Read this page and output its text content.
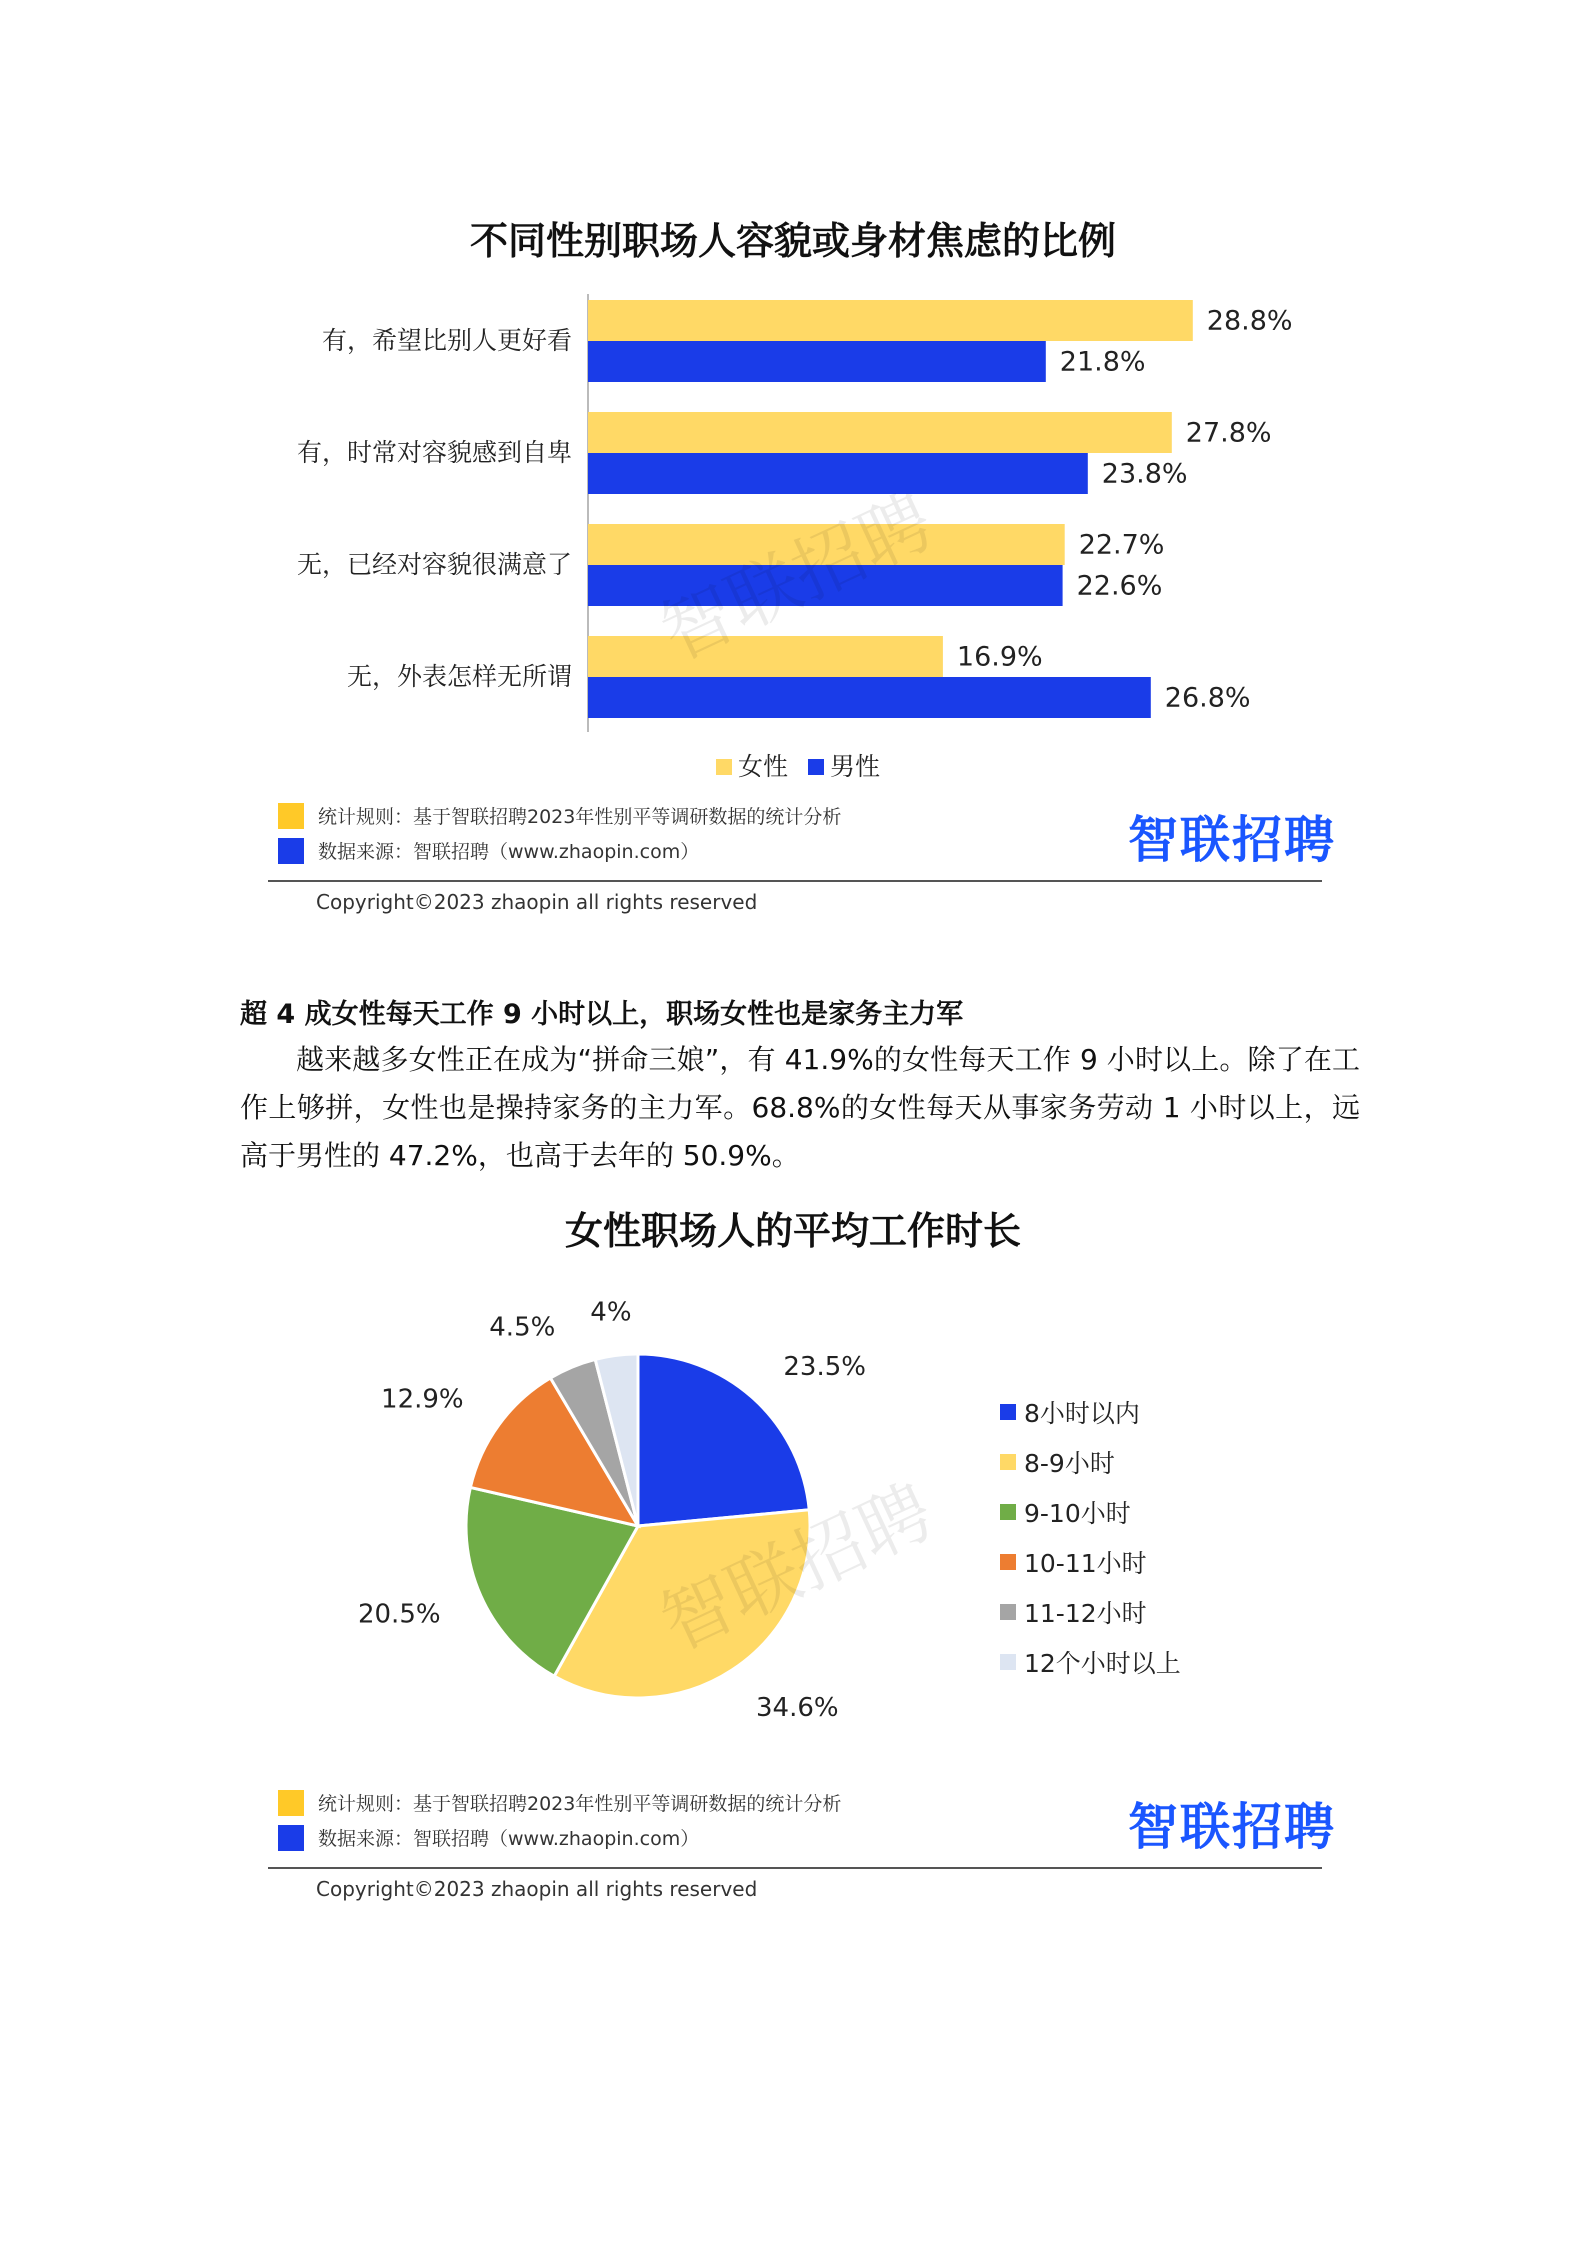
不同性别职场人容貌或身材焦虑的比例
有，希望比别人更好看
28.8%
21.8%
有，时常对容貌感到自卑
27.8%
23.8%
无，已经对容貌很满意了
22.7%
22.6%
无，外表怎样无所谓
16.9%
26.8%
女性 男性
统计规则：基于智联招聘2023年性别平等调研数据的统计分析
数据来源：智联招聘（www.zhaopin.com）	智联招聘
Copyright©2023 zhaopin all rights reserved
超 4 成女性每天工作 9 小时以上，职场女性也是家务主力军
越来越多女性正在成为“拼命三娘”，有 41.9%的女性每天工作 9 小时以上。除了在工作上够拼，女性也是操持家务的主力军。68.8%的女性每天从事家务劳动 1 小时以上，远高于男性的 47.2%，也高于去年的 50.9%。
女性职场人的平均工作时长
23.5%
34.6%
20.5%
12.9%
4.5% 4%
8小时以内
8-9小时
9-10小时
10-11小时
11-12小时
12个小时以上
统计规则：基于智联招聘2023年性别平等调研数据的统计分析
数据来源：智联招聘（www.zhaopin.com）	智联招聘
Copyright©2023 zhaopin all rights reserved
